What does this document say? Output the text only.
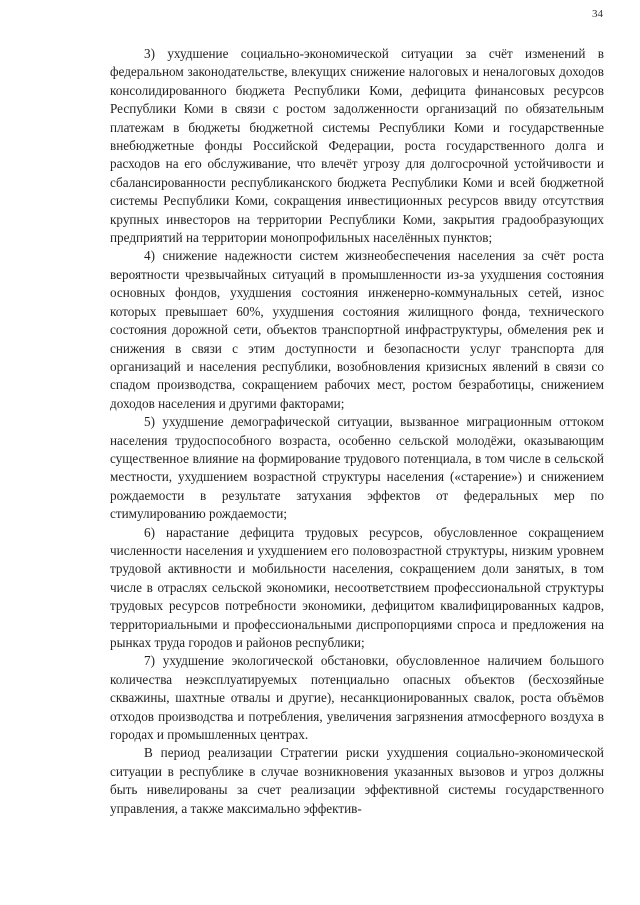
34

3) ухудшение социально-экономической ситуации за счёт изменений в федеральном законодательстве, влекущих снижение налоговых и неналоговых доходов консолидированного бюджета Республики Коми, дефицита финансовых ресурсов Республики Коми в связи с ростом задолженности организаций по обязательным платежам в бюджеты бюджетной системы Республики Коми и государственные внебюджетные фонды Российской Федерации, роста государственного долга и расходов на его обслуживание, что влечёт угрозу для долгосрочной устойчивости и сбалансированности республиканского бюджета Республики Коми и всей бюджетной системы Республики Коми, сокращения инвестиционных ресурсов ввиду отсутствия крупных инвесторов на территории Республики Коми, закрытия градообразующих предприятий на территории монопрофильных населённых пунктов;

4) снижение надежности систем жизнеобеспечения населения за счёт роста вероятности чрезвычайных ситуаций в промышленности из-за ухудшения состояния основных фондов, ухудшения состояния инженерно-коммунальных сетей, износ которых превышает 60%, ухудшения состояния жилищного фонда, технического состояния дорожной сети, объектов транспортной инфраструктуры, обмеления рек и снижения в связи с этим доступности и безопасности услуг транспорта для организаций и населения республики, возобновления кризисных явлений в связи со спадом производства, сокращением рабочих мест, ростом безработицы, снижением доходов населения и другими факторами;

5) ухудшение демографической ситуации, вызванное миграционным оттоком населения трудоспособного возраста, особенно сельской молодёжи, оказывающим существенное влияние на формирование трудового потенциала, в том числе в сельской местности, ухудшением возрастной структуры населения («старение») и снижением рождаемости в результате затухания эффектов от федеральных мер по стимулированию рождаемости;

6) нарастание дефицита трудовых ресурсов, обусловленное сокращением численности населения и ухудшением его половозрастной структуры, низким уровнем трудовой активности и мобильности населения, сокращением доли занятых, в том числе в отраслях сельской экономики, несоответствием профессиональной структуры трудовых ресурсов потребности экономики, дефицитом квалифицированных кадров, территориальными и профессиональными диспропорциями спроса и предложения на рынках труда городов и районов республики;

7) ухудшение экологической обстановки, обусловленное наличием большого количества неэксплуатируемых потенциально опасных объектов (бесхозяйные скважины, шахтные отвалы и другие), несанкционированных свалок, роста объёмов отходов производства и потребления, увеличения загрязнения атмосферного воздуха в городах и промышленных центрах.

В период реализации Стратегии риски ухудшения социально-экономической ситуации в республике в случае возникновения указанных вызовов и угроз должны быть нивелированы за счет реализации эффективной системы государственного управления, а также максимально эффектив-
